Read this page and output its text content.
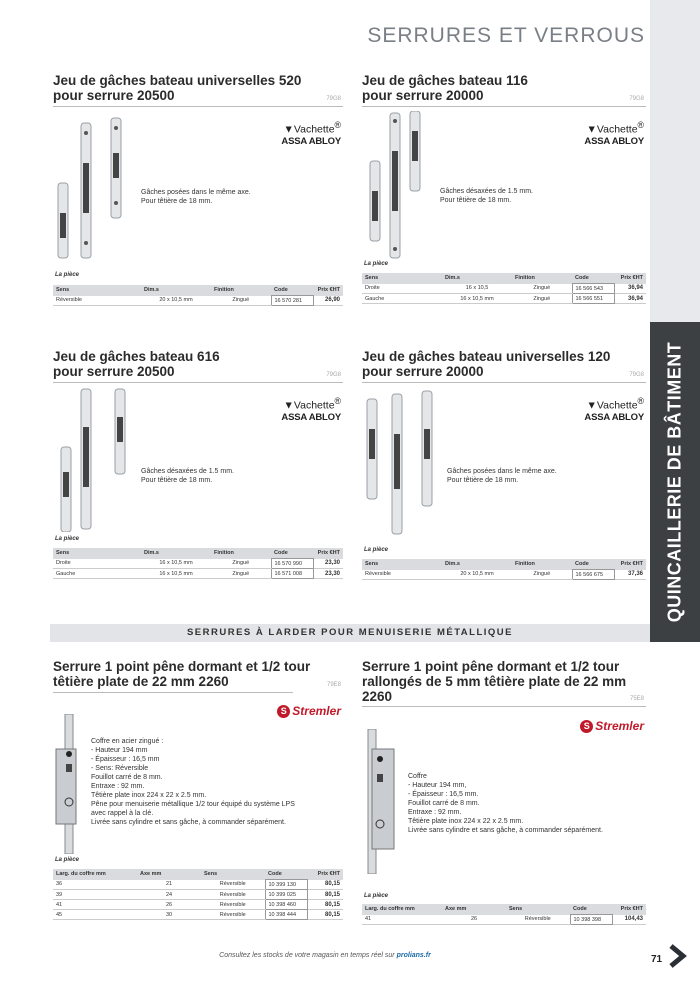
SERRURES ET VERROUS
QUINCAILLERIE DE BÂTIMENT
Jeu de gâches bateau universelles 520
pour serrure 20500	79G8
▼Vachette®
ASSA ABLOY
Gâches posées dans le même axe.
Pour têtière de 18 mm.
La pièce
Sens	Dim.s	Finition	Code	Prix €HT
Réversible	20 x 10,5 mm	Zingué	16 570 281	26,90
Jeu de gâches bateau 116
pour serrure 20000	79G8
▼Vachette®
ASSA ABLOY
Gâches désaxées de 1.5 mm.
Pour têtière de 18 mm.
La pièce
Sens	Dim.s	Finition	Code	Prix €HT
Droite	16 x 10,5	Zingué	16 566 543	36,94
Gauche	16 x 10,5 mm	Zingué	16 566 551	36,94
Jeu de gâches bateau 616
pour serrure 20500	79G8
▼Vachette®
ASSA ABLOY
Gâches désaxées de 1.5 mm.
Pour têtière de 18 mm.
La pièce
Sens	Dim.s	Finition	Code	Prix €HT
Droite	16 x 10,5 mm	Zingué	16 570 990	23,30
Gauche	16 x 10,5 mm	Zingué	16 571 008	23,30
Jeu de gâches bateau universelles 120
pour serrure 20000	79G8
▼Vachette®
ASSA ABLOY
Gâches posées dans le même axe.
Pour têtière de 18 mm.
La pièce
Sens	Dim.s	Finition	Code	Prix €HT
Réversible	20 x 10,5 mm	Zingué	16 566 675	37,36
SERRURES À LARDER POUR MENUISERIE MÉTALLIQUE
Serrure 1 point pêne dormant et 1/2 tour
têtière plate de 22 mm 2260	79E8
S Stremler
Coffre en acier zingué :
- Hauteur 194 mm
- Épaisseur : 16,5 mm
- Sens: Réversible
Fouillot carré de 8 mm.
Entraxe : 92 mm.
Têtière plate inox 224 x 22 x 2.5 mm.
Pêne pour menuiserie métallique 1/2 tour équipé du système LPS
avec rappel à la clé.
Livrée sans cylindre et sans gâche, à commander séparément.
La pièce
Larg. du coffre mm	Axe mm	Sens	Code	Prix €HT
36	21	Réversible	10 399 130	80,15
39	24	Réversible	10 399 025	80,15
41	26	Réversible	10 398 460	80,15
45	30	Réversible	10 398 444	80,15
Serrure 1 point pêne dormant et 1/2 tour
rallongés de 5 mm têtière plate de 22 mm
2260	75E8
S Stremler
Coffre
- Hauteur 194 mm,
- Épaisseur : 16,5 mm.
Fouillot carré de 8 mm.
Entraxe : 92 mm.
Têtière plate inox 224 x 22 x 2.5 mm.
Livrée sans cylindre et sans gâche, à commander séparément.
La pièce
Larg. du coffre mm	Axe mm	Sens	Code	Prix €HT
41	26	Réversible	10 398 398	104,43
Consultez les stocks de votre magasin en temps réel sur prolians.fr	71
